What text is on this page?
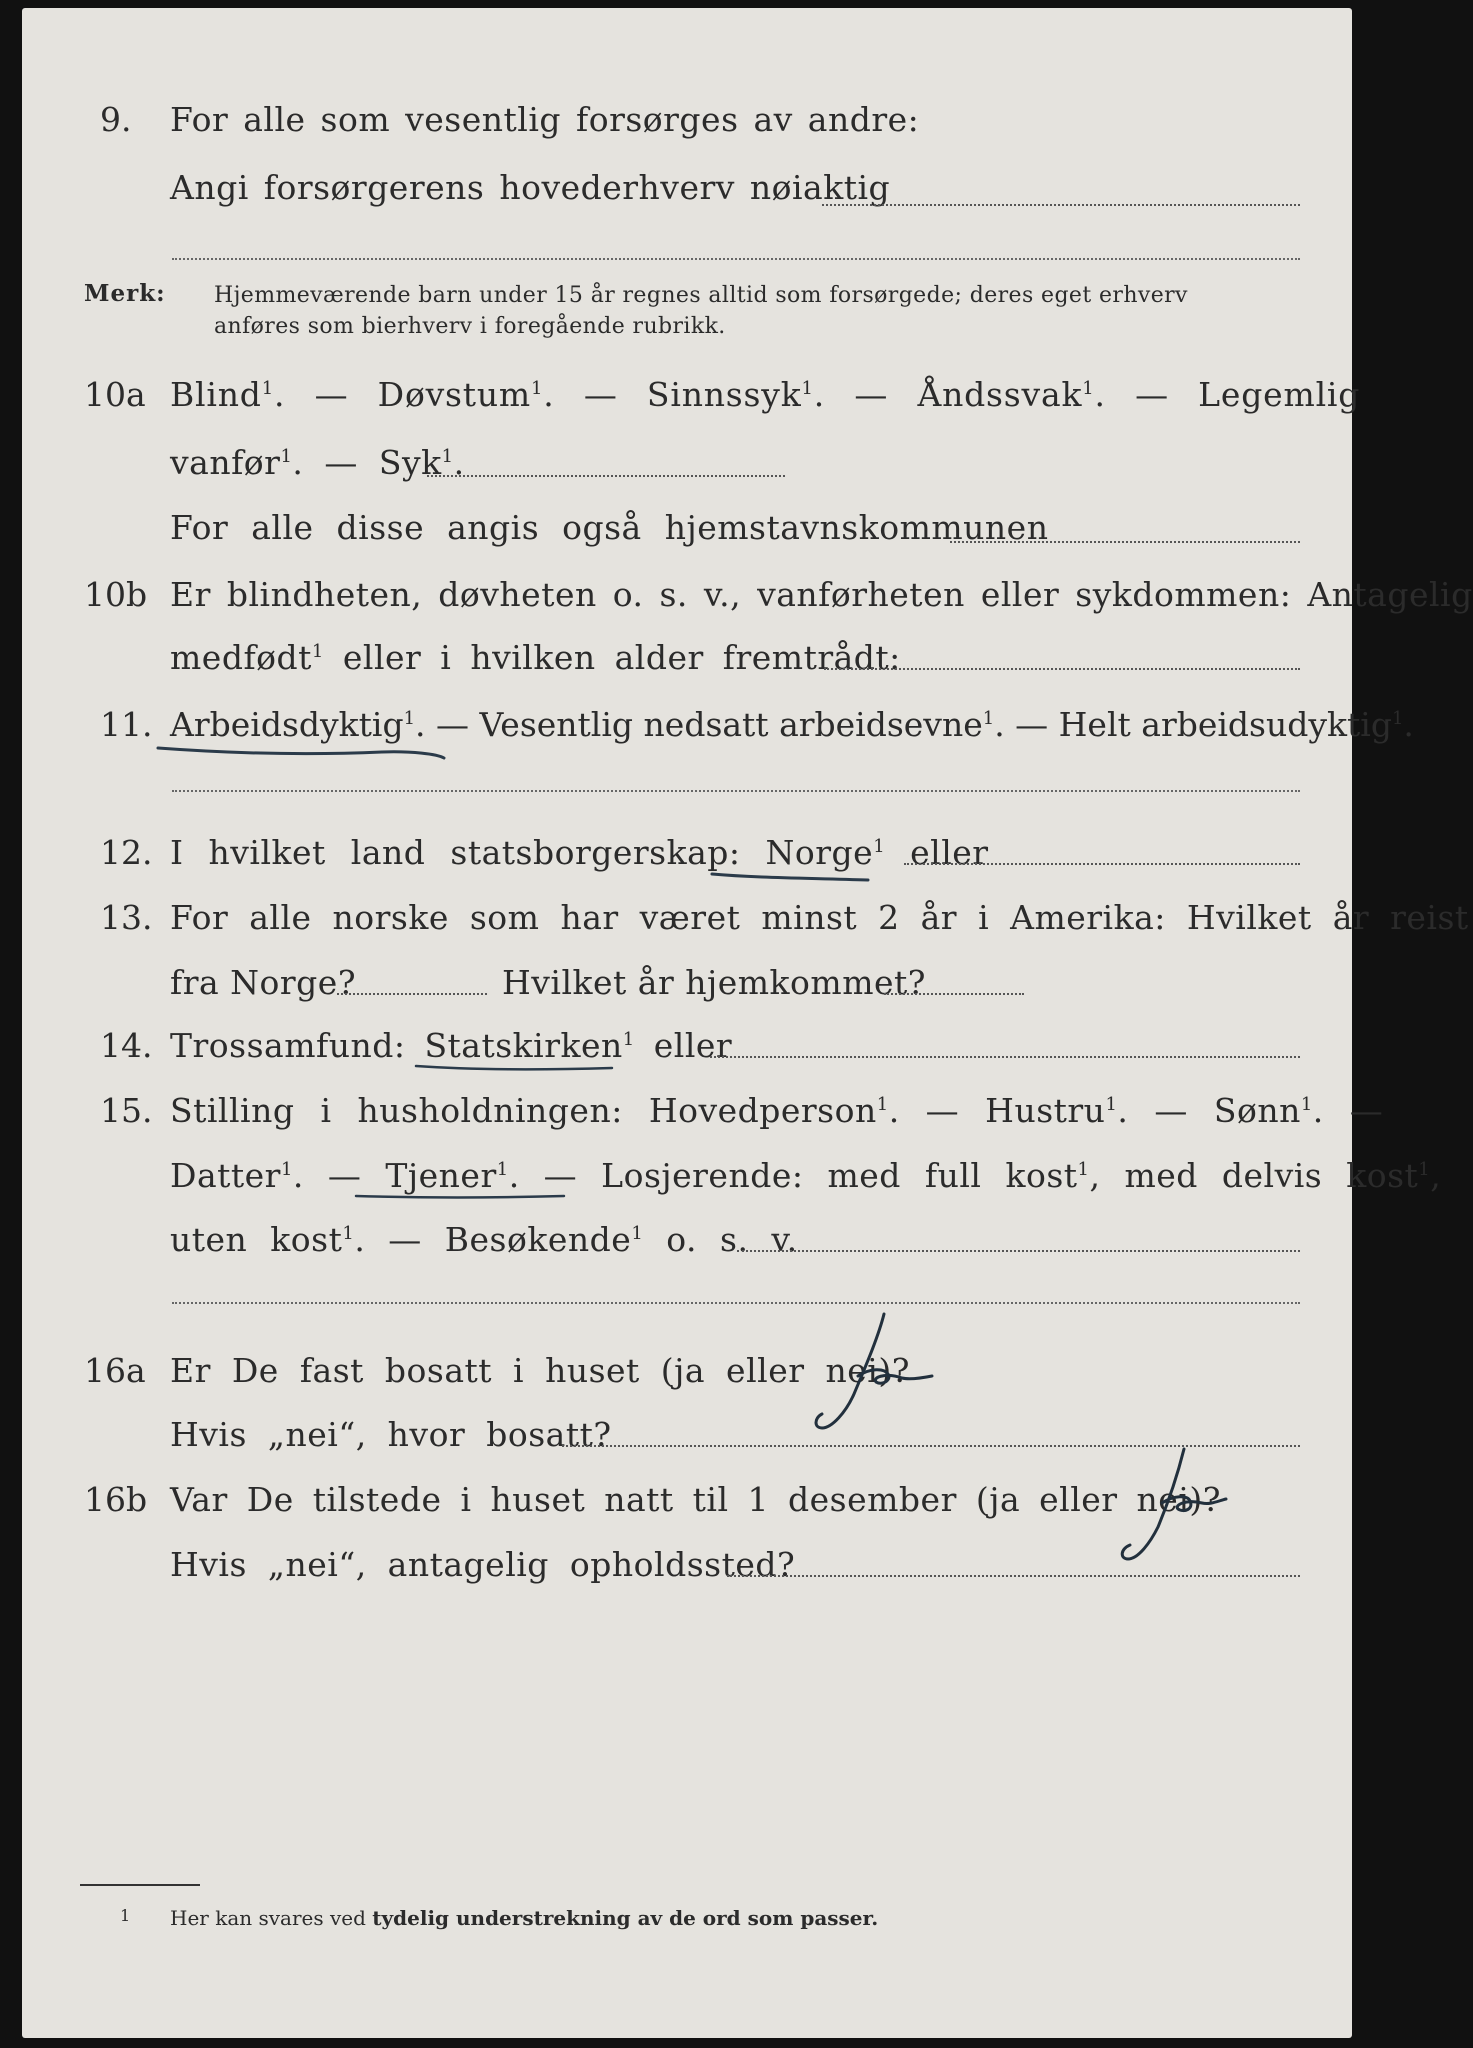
9. For alle som vesentlig forsørges av andre:
Angi forsørgerens hovederhverv nøiaktig
Merk: Hjemmeværende barn under 15 år regnes alltid som forsørgede; deres eget erhverv
anføres som bierhverv i foregående rubrikk.
10a Blind$^1$. — Døvstum$^1$. — Sinnssyk$^1$. — Åndssvak$^1$. — Legemlig
vanfør$^1$. — Syk$^1$.
For alle disse angis også hjemstavnskommunen
10b Er blindheten, døvheten o. s. v., vanførheten eller sykdommen: Antagelig
medfødt$^1$ eller i hvilken alder fremtrådt:
11. Arbeidsdyktig$^1$. — Vesentlig nedsatt arbeidsevne$^1$. — Helt arbeidsudyktig$^1$.
12. I hvilket land statsborgerskap: Norge$^1$ eller
13. For alle norske som har været minst 2 år i Amerika: Hvilket år reist
fra Norge?	Hvilket år hjemkommet?
14. Trossamfund: Statskirken$^1$ eller
15. Stilling i husholdningen: Hovedperson$^1$. — Hustru$^1$. — Sønn$^1$. —
Datter$^1$. — Tjener$^1$. — Losjerende: med full kost$^1$, med delvis kost$^1$,
uten kost$^1$. — Besøkende$^1$ o. s. v.
16a Er De fast bosatt i huset (ja eller nei)?
Hvis „nei“, hvor bosatt?
16b Var De tilstede i huset natt til 1 desember (ja eller nei)?
Hvis „nei“, antagelig opholdssted?
1 Her kan svares ved tydelig understrekning av de ord som passer.
